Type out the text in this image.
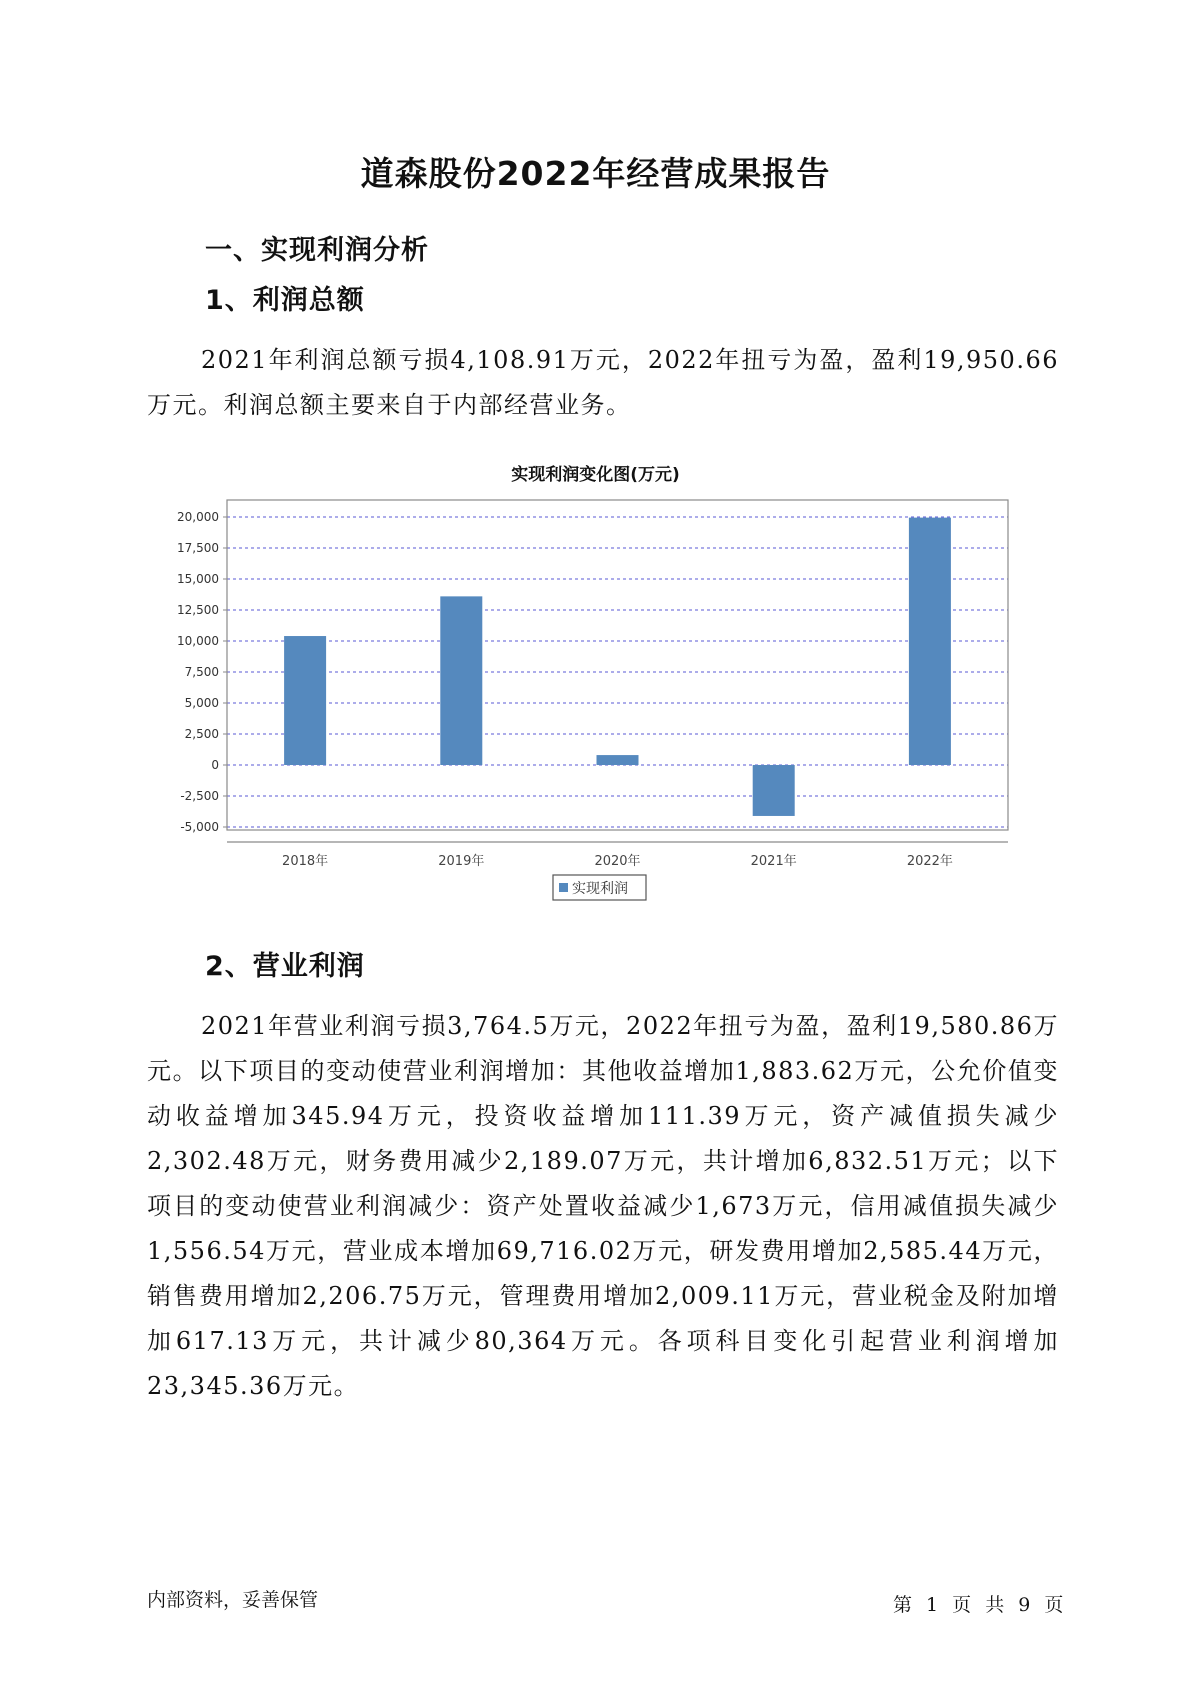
道森股份2022年经营成果报告
一、实现利润分析
1、利润总额
2021年利润总额亏损4,108.91万元，2022年扭亏为盈，盈利19,950.66万元。利润总额主要来自于内部经营业务。
实现利润变化图(万元)
20,000
17,500
15,000
12,500
10,000
7,500
5,000
2,500
0
-2,500
-5,000
2018年	2019年	2020年	2021年	2022年
实现利润
2、营业利润
2021年营业利润亏损3,764.5万元，2022年扭亏为盈，盈利19,580.86万元。以下项目的变动使营业利润增加：其他收益增加1,883.62万元，公允价值变动收益增加345.94万元，投资收益增加111.39万元，资产减值损失减少2,302.48万元，财务费用减少2,189.07万元，共计增加6,832.51万元；以下项目的变动使营业利润减少：资产处置收益减少1,673万元，信用减值损失减少1,556.54万元，营业成本增加69,716.02万元，研发费用增加2,585.44万元，销售费用增加2,206.75万元，管理费用增加2,009.11万元，营业税金及附加增加617.13万元，共计减少80,364万元。各项科目变化引起营业利润增加23,345.36万元。
内部资料，妥善保管	第 1 页 共 9 页
